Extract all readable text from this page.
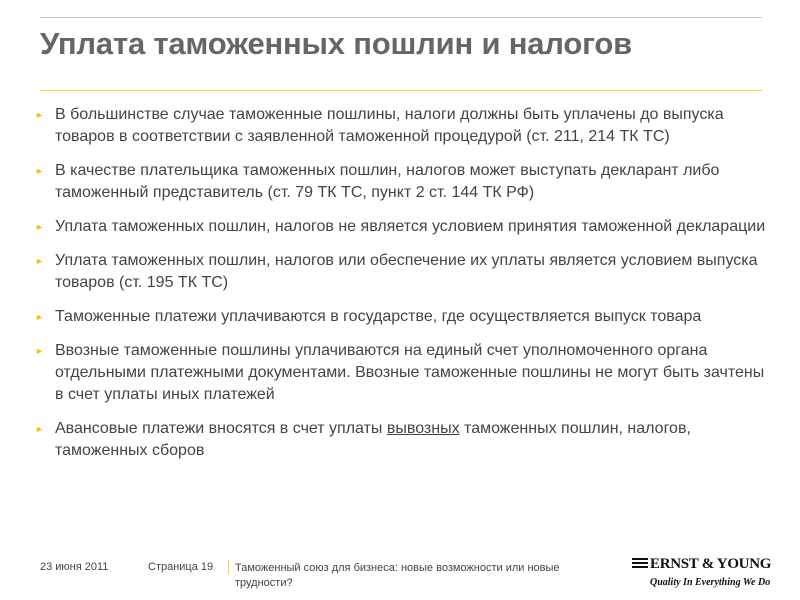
Уплата таможенных пошлин и налогов
► В большинстве случае таможенные пошлины, налоги должны быть уплачены до выпуска товаров в соответствии с заявленной таможенной процедурой (ст. 211, 214 ТК ТС)
► В качестве плательщика таможенных пошлин, налогов может выступать декларант либо таможенный представитель (ст. 79 ТК ТС, пункт 2 ст. 144 ТК РФ)
► Уплата таможенных пошлин, налогов не является условием принятия таможенной декларации
► Уплата таможенных пошлин, налогов или обеспечение их уплаты является условием выпуска товаров (ст. 195 ТК ТС)
► Таможенные платежи уплачиваются в государстве, где осуществляется выпуск товара
► Ввозные таможенные пошлины уплачиваются на единый счет уполномоченного органа отдельными платежными документами. Ввозные таможенные пошлины не могут быть зачтены в счет уплаты иных платежей
► Авансовые платежи вносятся в счет уплаты вывозных таможенных пошлин, налогов, таможенных сборов
23 июня 2011	Страница 19 Таможенный союз для бизнеса: новые возможности или новые трудности?
ERNST & YOUNG
Quality In Everything We Do
